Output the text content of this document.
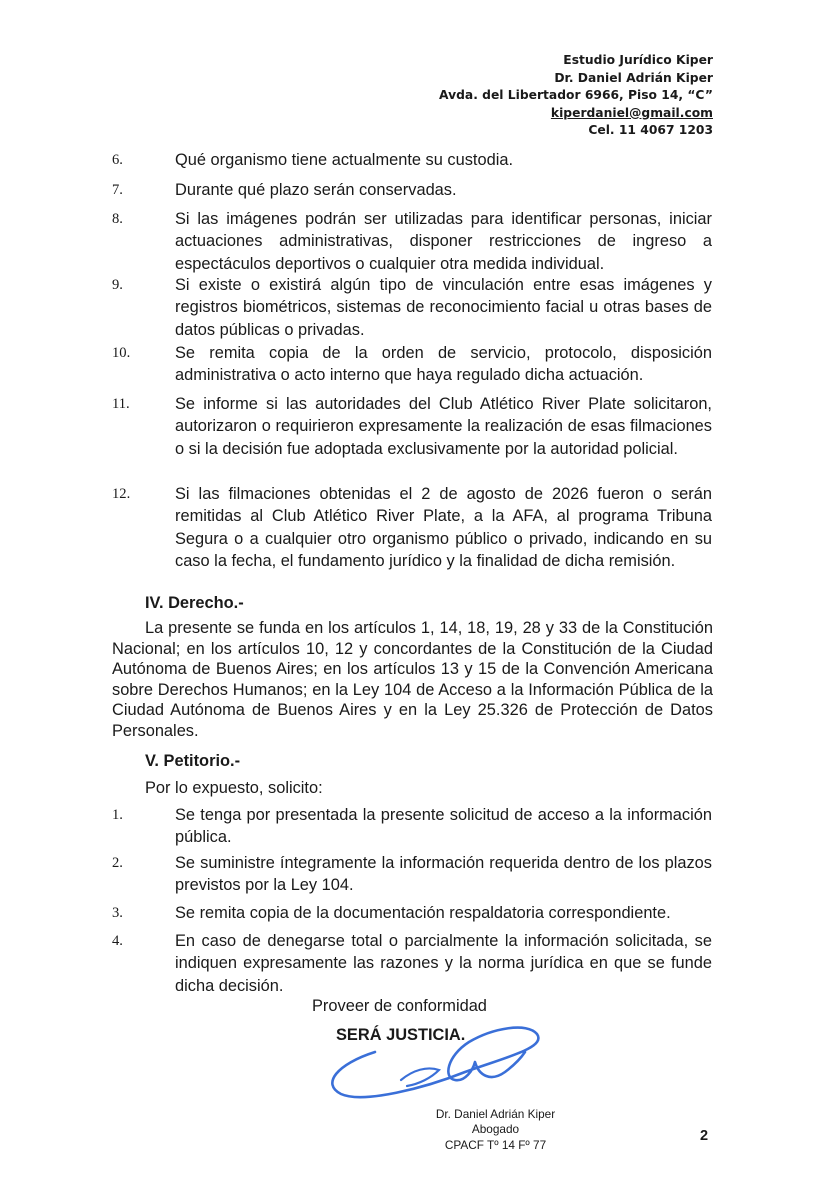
Estudio Jurídico Kiper
Dr. Daniel Adrián Kiper
Avda. del Libertador 6966, Piso 14, “C”
kiperdaniel@gmail.com
Cel. 11 4067 1203
6.	Qué organismo tiene actualmente su custodia.
7.	Durante qué plazo serán conservadas.
8.	Si las imágenes podrán ser utilizadas para identificar personas, iniciar actuaciones administrativas, disponer restricciones de ingreso a espectáculos deportivos o cualquier otra medida individual.
9.	Si existe o existirá algún tipo de vinculación entre esas imágenes y registros biométricos, sistemas de reconocimiento facial u otras bases de datos públicas o privadas.
10.	Se remita copia de la orden de servicio, protocolo, disposición administrativa o acto interno que haya regulado dicha actuación.
11.	Se informe si las autoridades del Club Atlético River Plate solicitaron, autorizaron o requirieron expresamente la realización de esas filmaciones o si la decisión fue adoptada exclusivamente por la autoridad policial.
12.	Si las filmaciones obtenidas el 2 de agosto de 2026 fueron o serán remitidas al Club Atlético River Plate, a la AFA, al programa Tribuna Segura o a cualquier otro organismo público o privado, indicando en su caso la fecha, el fundamento jurídico y la finalidad de dicha remisión.
IV. Derecho.-
La presente se funda en los artículos 1, 14, 18, 19, 28 y 33 de la Constitución Nacional; en los artículos 10, 12 y concordantes de la Constitución de la Ciudad Autónoma de Buenos Aires; en los artículos 13 y 15 de la Convención Americana sobre Derechos Humanos; en la Ley 104 de Acceso a la Información Pública de la Ciudad Autónoma de Buenos Aires y en la Ley 25.326 de Protección de Datos Personales.
V. Petitorio.-
Por lo expuesto, solicito:
1.	Se tenga por presentada la presente solicitud de acceso a la información pública.
2.	Se suministre íntegramente la información requerida dentro de los plazos previstos por la Ley 104.
3.	Se remita copia de la documentación respaldatoria correspondiente.
4.	En caso de denegarse total o parcialmente la información solicitada, se indiquen expresamente las razones y la norma jurídica en que se funde dicha decisión.
Proveer de conformidad
SERÁ JUSTICIA.
Dr. Daniel Adrián Kiper
Abogado
CPACF Tº 14 Fº 77
2
